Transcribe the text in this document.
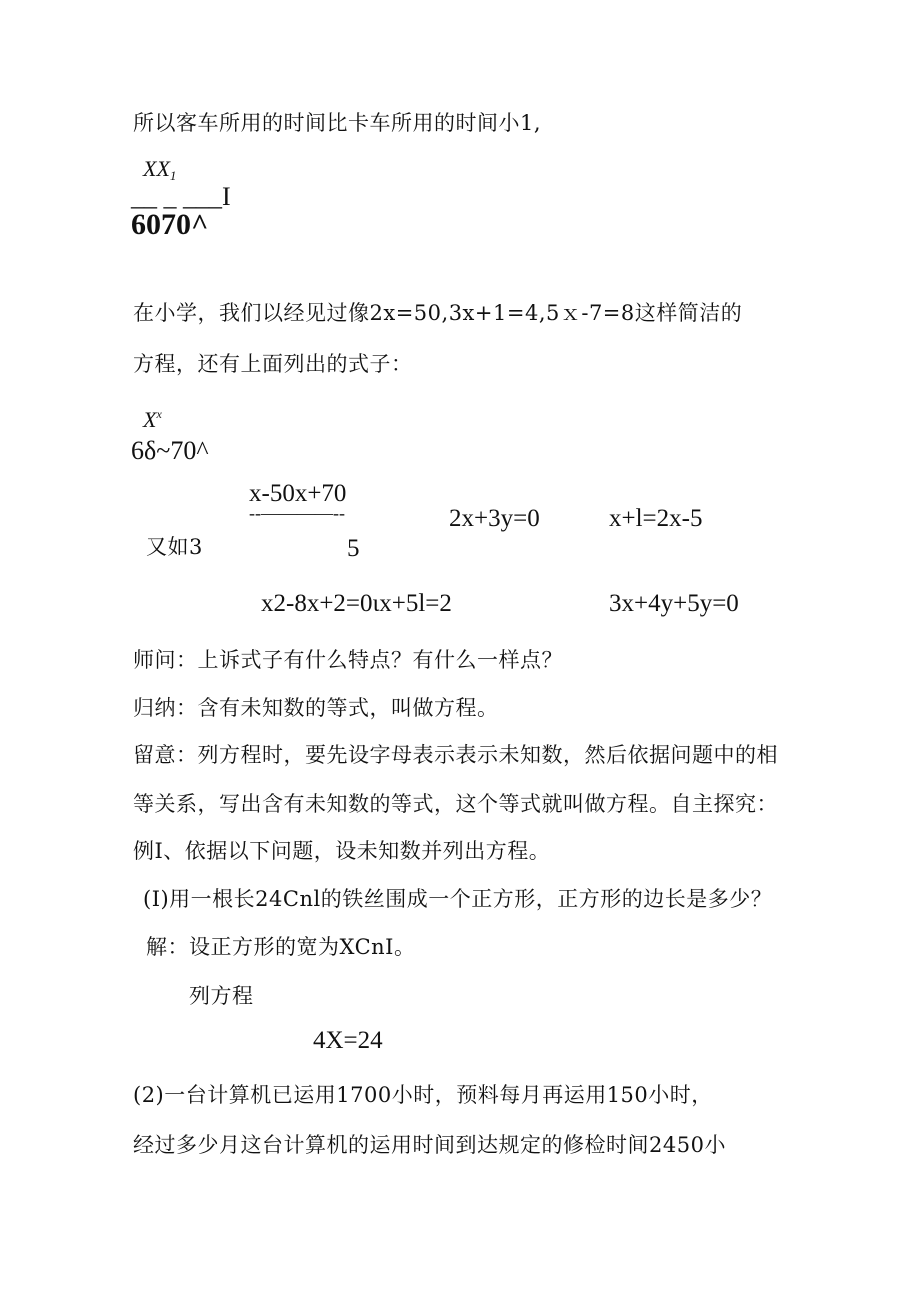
所以客车所用的时间比卡车所用的时间小1,
$XX_1$
__ _ ___I
6070^
在小学，我们以经见过像2x=50,3x+1=4,5ｘ-7=8这样简洁的
方程，还有上面列出的式子：
$X^x$
6δ~70^
x-50x+70
--————--
5
又如3
2x+3y=0	x+l=2x-5
x2-8x+2=0ιx+5l=2	3x+4y+5y=0
师问：上诉式子有什么特点？有什么一样点？
归纳：含有未知数的等式，叫做方程。
留意：列方程时，要先设字母表示表示未知数，然后依据问题中的相
等关系，写出含有未知数的等式，这个等式就叫做方程。自主探究：
例I、依据以下问题，设未知数并列出方程。
(I)用一根长24Cnl的铁丝围成一个正方形，正方形的边长是多少？
解：设正方形的宽为XCnI。
列方程
4X=24
(2)一台计算机已运用1700小时，预料每月再运用150小时，
经过多少月这台计算机的运用时间到达规定的修检时间2450小
